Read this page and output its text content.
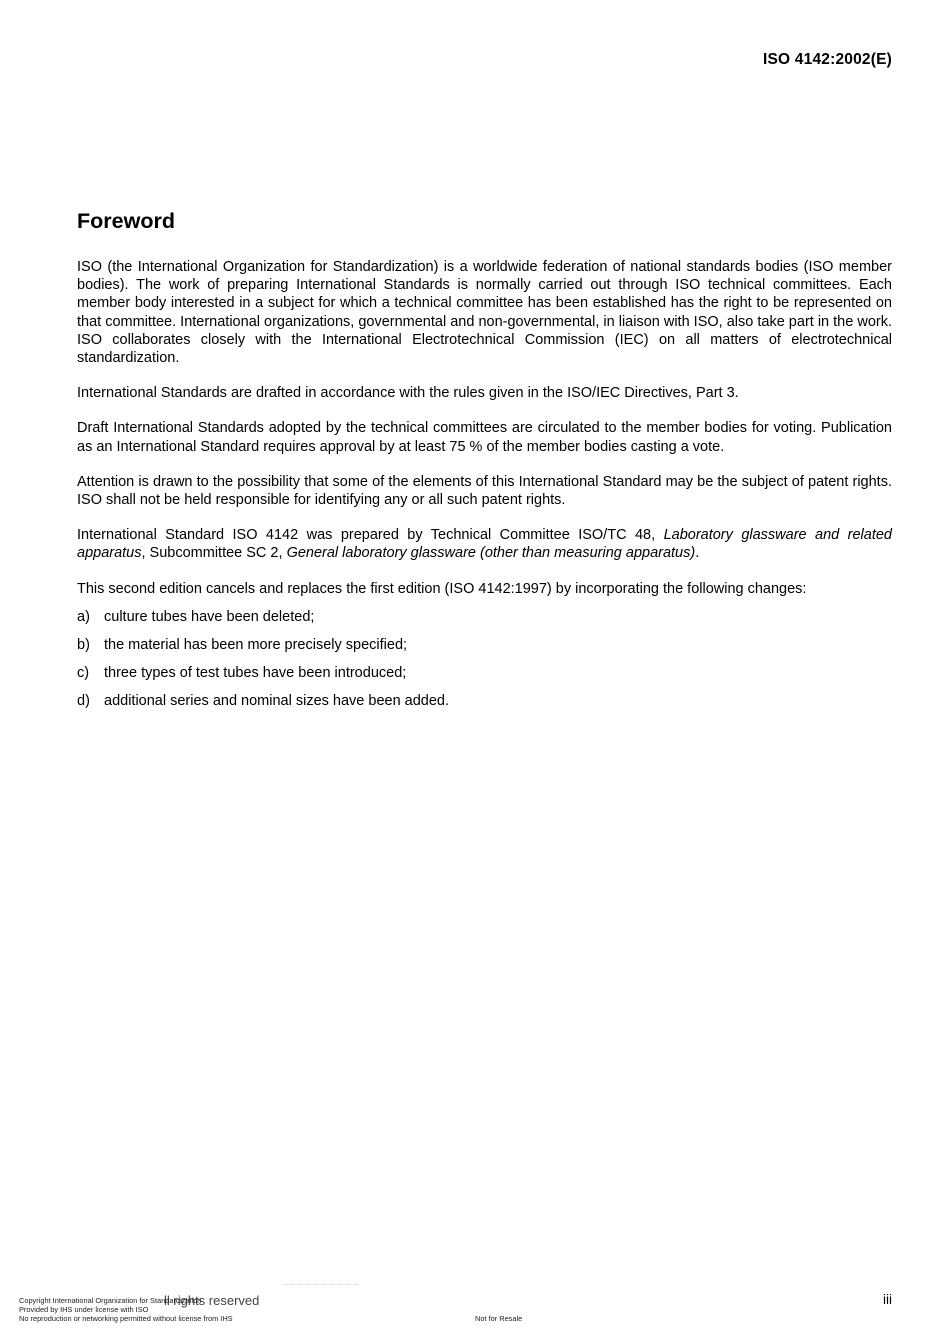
ISO 4142:2002(E)
Foreword

ISO (the International Organization for Standardization) is a worldwide federation of national standards bodies (ISO member bodies). The work of preparing International Standards is normally carried out through ISO technical committees. Each member body interested in a subject for which a technical committee has been established has the right to be represented on that committee. International organizations, governmental and non-governmental, in liaison with ISO, also take part in the work. ISO collaborates closely with the International Electrotechnical Commission (IEC) on all matters of electrotechnical standardization.

International Standards are drafted in accordance with the rules given in the ISO/IEC Directives, Part 3.

Draft International Standards adopted by the technical committees are circulated to the member bodies for voting. Publication as an International Standard requires approval by at least 75 % of the member bodies casting a vote.

Attention is drawn to the possibility that some of the elements of this International Standard may be the subject of patent rights. ISO shall not be held responsible for identifying any or all such patent rights.

International Standard ISO 4142 was prepared by Technical Committee ISO/TC 48, Laboratory glassware and related apparatus, Subcommittee SC 2, General laboratory glassware (other than measuring apparatus).

This second edition cancels and replaces the first edition (ISO 4142:1997) by incorporating the following changes:

a) culture tubes have been deleted;
b) the material has been more precisely specified;
c)	three types of test tubes have been introduced;
d) additional series and nominal sizes have been added.
ll rights reserved
Copyright International Organization for Standardization
Provided by IHS under license with ISO
No reproduction or networking permitted without license from IHS	Not for Resale
iii
